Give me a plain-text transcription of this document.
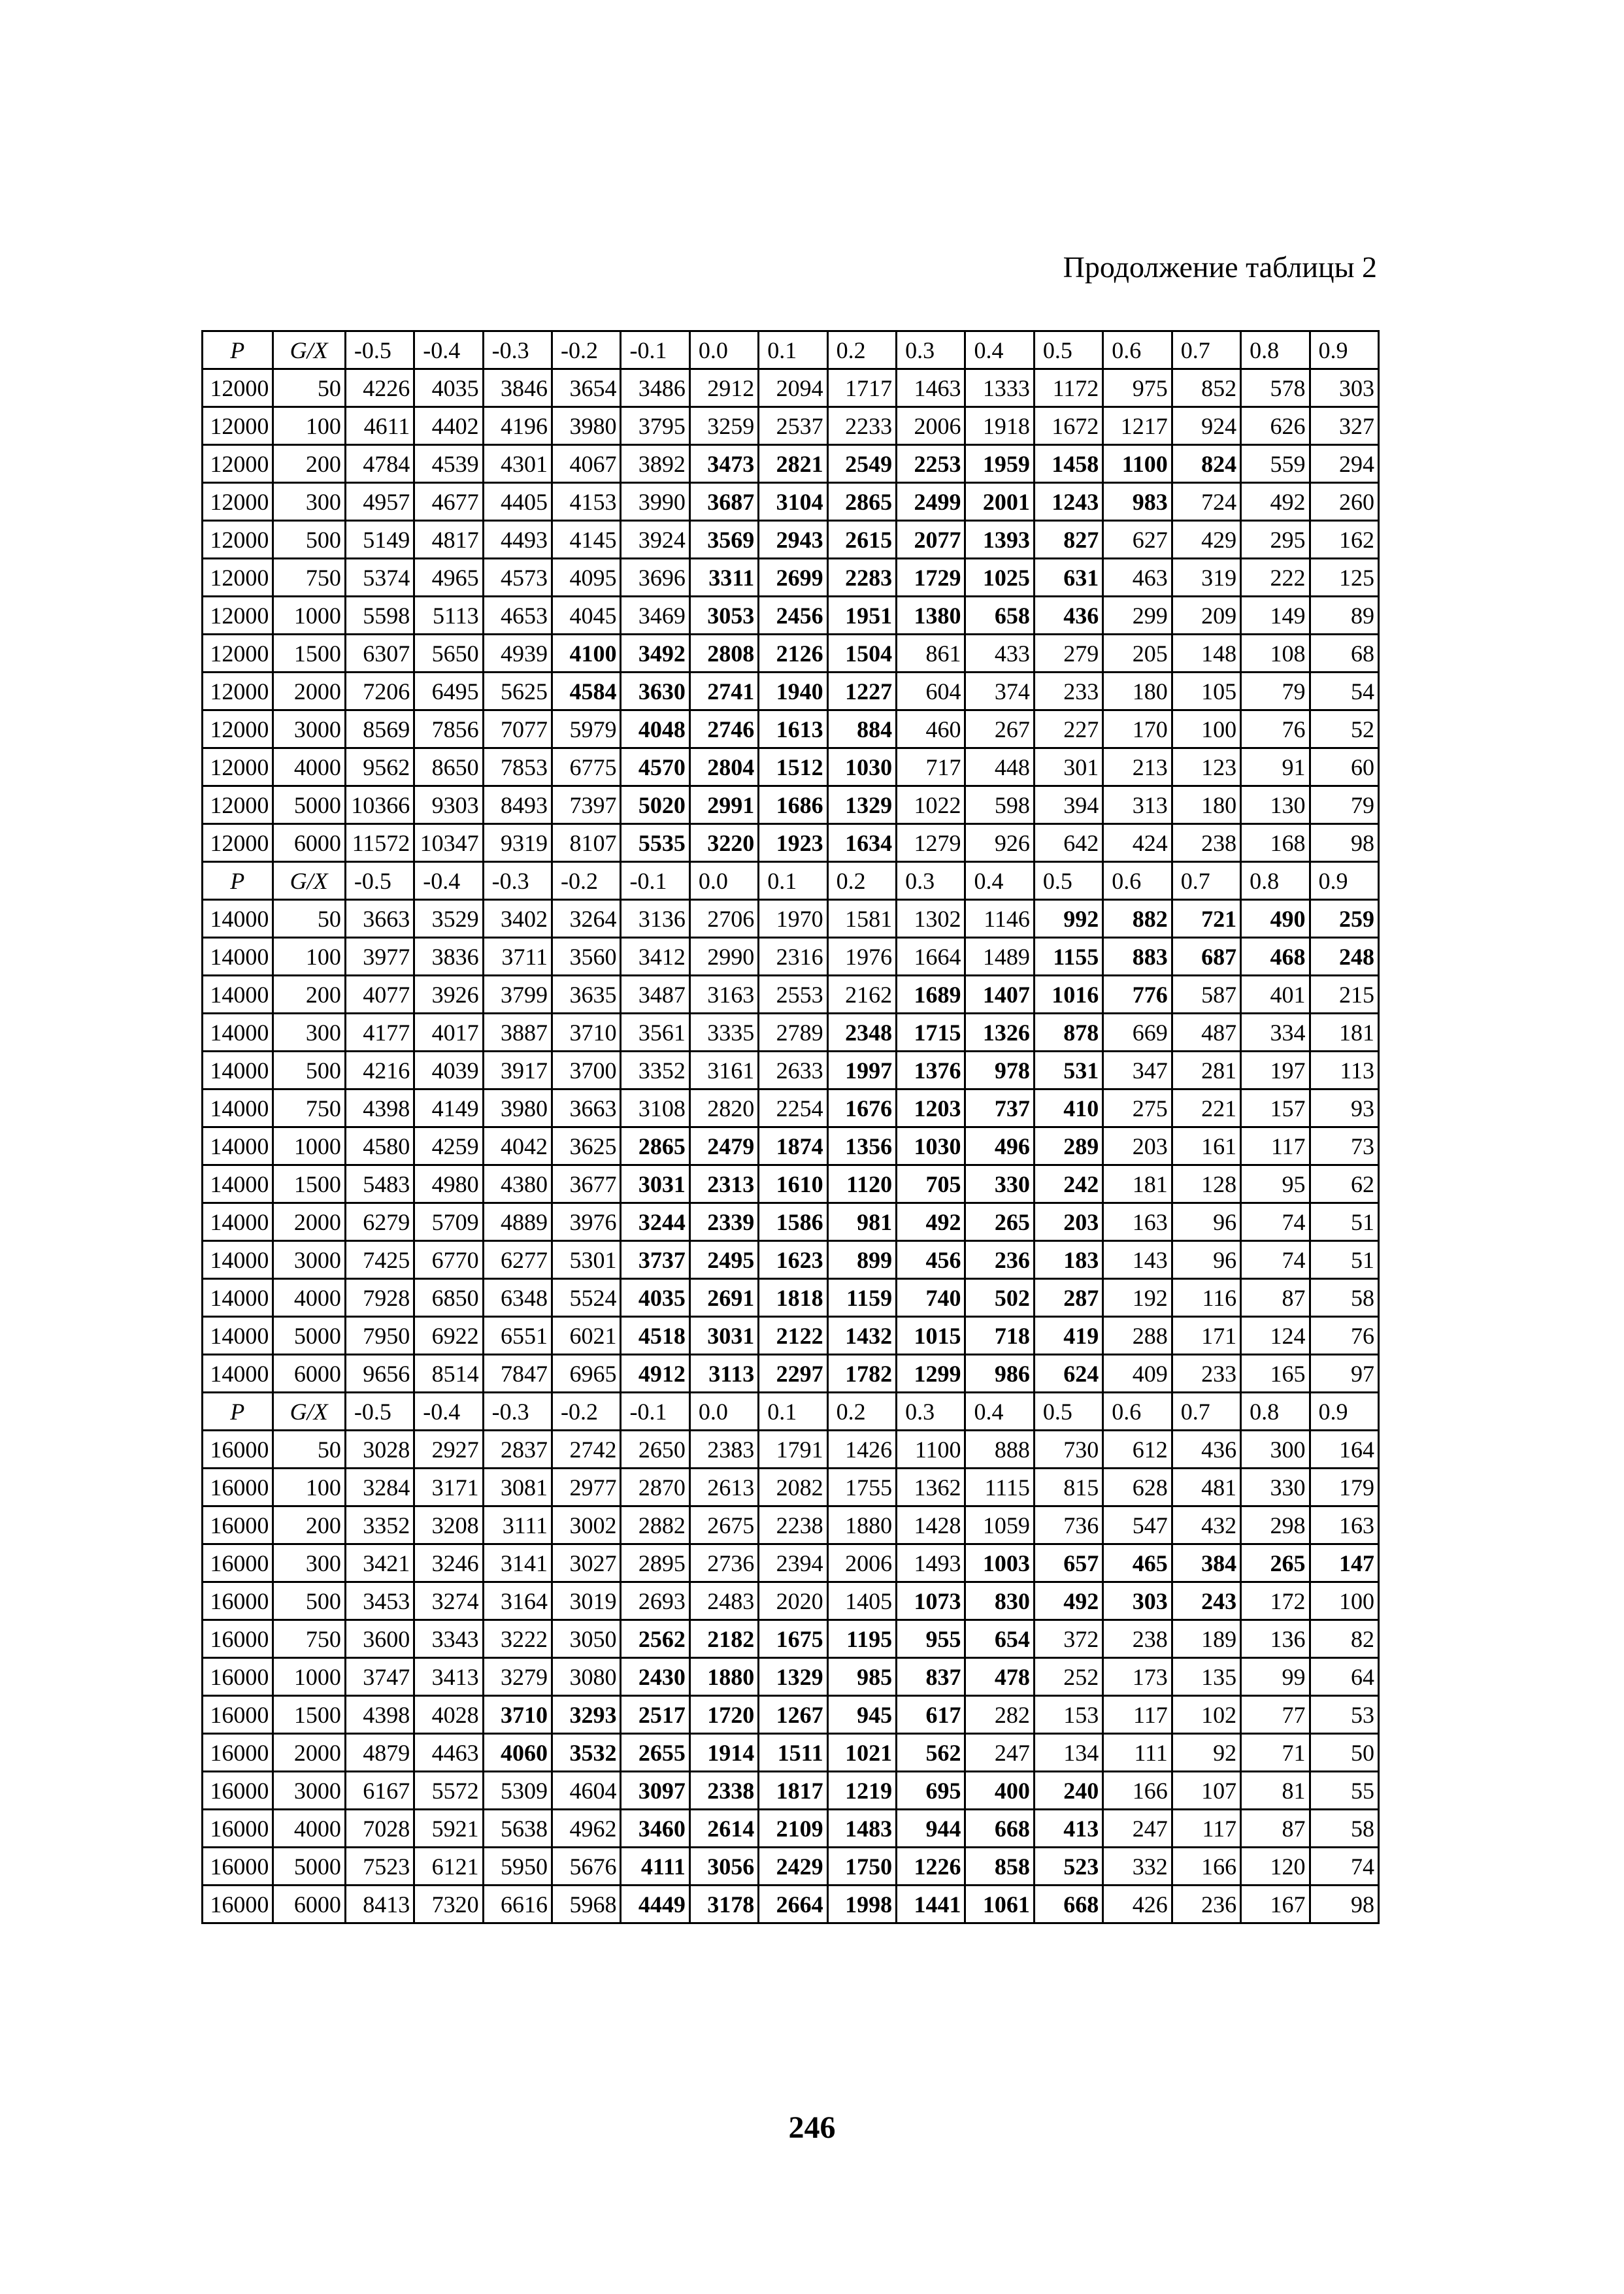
Продолжение таблицы 2
P	G/X	-0.5	-0.4	-0.3	-0.2	-0.1	0.0	0.1	0.2	0.3	0.4	0.5	0.6	0.7	0.8	0.9
12000	50	4226	4035	3846	3654	3486	2912	2094	1717	1463	1333	1172	975	852	578	303
12000	100	4611	4402	4196	3980	3795	3259	2537	2233	2006	1918	1672	1217	924	626	327
12000	200	4784	4539	4301	4067	3892	3473	2821	2549	2253	1959	1458	1100	824	559	294
12000	300	4957	4677	4405	4153	3990	3687	3104	2865	2499	2001	1243	983	724	492	260
12000	500	5149	4817	4493	4145	3924	3569	2943	2615	2077	1393	827	627	429	295	162
12000	750	5374	4965	4573	4095	3696	3311	2699	2283	1729	1025	631	463	319	222	125
12000	1000	5598	5113	4653	4045	3469	3053	2456	1951	1380	658	436	299	209	149	89
12000	1500	6307	5650	4939	4100	3492	2808	2126	1504	861	433	279	205	148	108	68
12000	2000	7206	6495	5625	4584	3630	2741	1940	1227	604	374	233	180	105	79	54
12000	3000	8569	7856	7077	5979	4048	2746	1613	884	460	267	227	170	100	76	52
12000	4000	9562	8650	7853	6775	4570	2804	1512	1030	717	448	301	213	123	91	60
12000	5000	10366	9303	8493	7397	5020	2991	1686	1329	1022	598	394	313	180	130	79
12000	6000	11572	10347	9319	8107	5535	3220	1923	1634	1279	926	642	424	238	168	98
P	G/X	-0.5	-0.4	-0.3	-0.2	-0.1	0.0	0.1	0.2	0.3	0.4	0.5	0.6	0.7	0.8	0.9
14000	50	3663	3529	3402	3264	3136	2706	1970	1581	1302	1146	992	882	721	490	259
14000	100	3977	3836	3711	3560	3412	2990	2316	1976	1664	1489	1155	883	687	468	248
14000	200	4077	3926	3799	3635	3487	3163	2553	2162	1689	1407	1016	776	587	401	215
14000	300	4177	4017	3887	3710	3561	3335	2789	2348	1715	1326	878	669	487	334	181
14000	500	4216	4039	3917	3700	3352	3161	2633	1997	1376	978	531	347	281	197	113
14000	750	4398	4149	3980	3663	3108	2820	2254	1676	1203	737	410	275	221	157	93
14000	1000	4580	4259	4042	3625	2865	2479	1874	1356	1030	496	289	203	161	117	73
14000	1500	5483	4980	4380	3677	3031	2313	1610	1120	705	330	242	181	128	95	62
14000	2000	6279	5709	4889	3976	3244	2339	1586	981	492	265	203	163	96	74	51
14000	3000	7425	6770	6277	5301	3737	2495	1623	899	456	236	183	143	96	74	51
14000	4000	7928	6850	6348	5524	4035	2691	1818	1159	740	502	287	192	116	87	58
14000	5000	7950	6922	6551	6021	4518	3031	2122	1432	1015	718	419	288	171	124	76
14000	6000	9656	8514	7847	6965	4912	3113	2297	1782	1299	986	624	409	233	165	97
P	G/X	-0.5	-0.4	-0.3	-0.2	-0.1	0.0	0.1	0.2	0.3	0.4	0.5	0.6	0.7	0.8	0.9
16000	50	3028	2927	2837	2742	2650	2383	1791	1426	1100	888	730	612	436	300	164
16000	100	3284	3171	3081	2977	2870	2613	2082	1755	1362	1115	815	628	481	330	179
16000	200	3352	3208	3111	3002	2882	2675	2238	1880	1428	1059	736	547	432	298	163
16000	300	3421	3246	3141	3027	2895	2736	2394	2006	1493	1003	657	465	384	265	147
16000	500	3453	3274	3164	3019	2693	2483	2020	1405	1073	830	492	303	243	172	100
16000	750	3600	3343	3222	3050	2562	2182	1675	1195	955	654	372	238	189	136	82
16000	1000	3747	3413	3279	3080	2430	1880	1329	985	837	478	252	173	135	99	64
16000	1500	4398	4028	3710	3293	2517	1720	1267	945	617	282	153	117	102	77	53
16000	2000	4879	4463	4060	3532	2655	1914	1511	1021	562	247	134	111	92	71	50
16000	3000	6167	5572	5309	4604	3097	2338	1817	1219	695	400	240	166	107	81	55
16000	4000	7028	5921	5638	4962	3460	2614	2109	1483	944	668	413	247	117	87	58
16000	5000	7523	6121	5950	5676	4111	3056	2429	1750	1226	858	523	332	166	120	74
16000	6000	8413	7320	6616	5968	4449	3178	2664	1998	1441	1061	668	426	236	167	98
246
